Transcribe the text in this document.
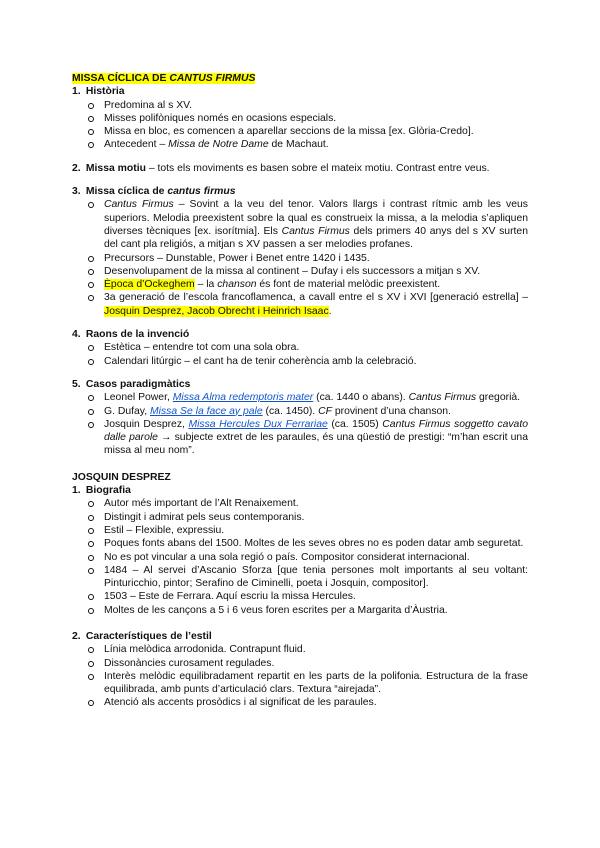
MISSA CÍCLICA DE CANTUS FIRMUS
1. Història
Predomina al s XV.
Misses polifòniques només en ocasions especials.
Missa en bloc, es comencen a aparellar seccions de la missa [ex. Glòria-Credo].
Antecedent – Missa de Notre Dame de Machaut.
2. Missa motiu – tots els moviments es basen sobre el mateix motiu. Contrast entre veus.
3. Missa cíclica de cantus firmus
Cantus Firmus – Sovint a la veu del tenor. Valors llargs i contrast rítmic amb les veus superiors. Melodia preexistent sobre la qual es construeix la missa, a la melodia s’apliquen diverses tècniques [ex. isorítmia]. Els Cantus Firmus dels primers 40 anys del s XV surten del cant pla religiós, a mitjan s XV passen a ser melodies profanes.
Precursors – Dunstable, Power i Benet entre 1420 i 1435.
Desenvolupament de la missa al continent – Dufay i els successors a mitjan s XV.
Època d’Ockeghem – la chanson és font de material melòdic preexistent.
3a generació de l’escola francoflamenca, a cavall entre el s XV i XVI [generació estrella] – Josquin Desprez, Jacob Obrecht i Heinrich Isaac.
4. Raons de la invenció
Estètica – entendre tot com una sola obra.
Calendari litúrgic – el cant ha de tenir coherència amb la celebració.
5. Casos paradigmàtics
Leonel Power, Missa Alma redemptoris mater (ca. 1440 o abans). Cantus Firmus gregorià.
G. Dufay, Missa Se la face ay pale (ca. 1450). CF provinent d’una chanson.
Josquin Desprez, Missa Hercules Dux Ferrariae (ca. 1505) Cantus Firmus soggetto cavato dalle parole → subjecte extret de les paraules, és una qüestió de prestigi: “m’han escrit una missa al meu nom”.
JOSQUIN DESPREZ
1. Biografia
Autor més important de l’Alt Renaixement.
Distingit i admirat pels seus contemporanis.
Estil – Flexible, expressiu.
Poques fonts abans del 1500. Moltes de les seves obres no es poden datar amb seguretat.
No es pot vincular a una sola regió o país. Compositor considerat internacional.
1484 – Al servei d’Ascanio Sforza [que tenia persones molt importants al seu voltant: Pinturicchio, pintor; Serafino de Ciminelli, poeta i Josquin, compositor].
1503 – Este de Ferrara. Aquí escriu la missa Hercules.
Moltes de les cançons a 5 i 6 veus foren escrites per a Margarita d’Àustria.
2. Característiques de l’estil
Línia melòdica arrodonida. Contrapunt fluid.
Dissonàncies curosament regulades.
Interès melòdic equilibradament repartit en les parts de la polifonia. Estructura de la frase equilibrada, amb punts d’articulació clars. Textura “airejada”.
Atenció als accents prosòdics i al significat de les paraules.
